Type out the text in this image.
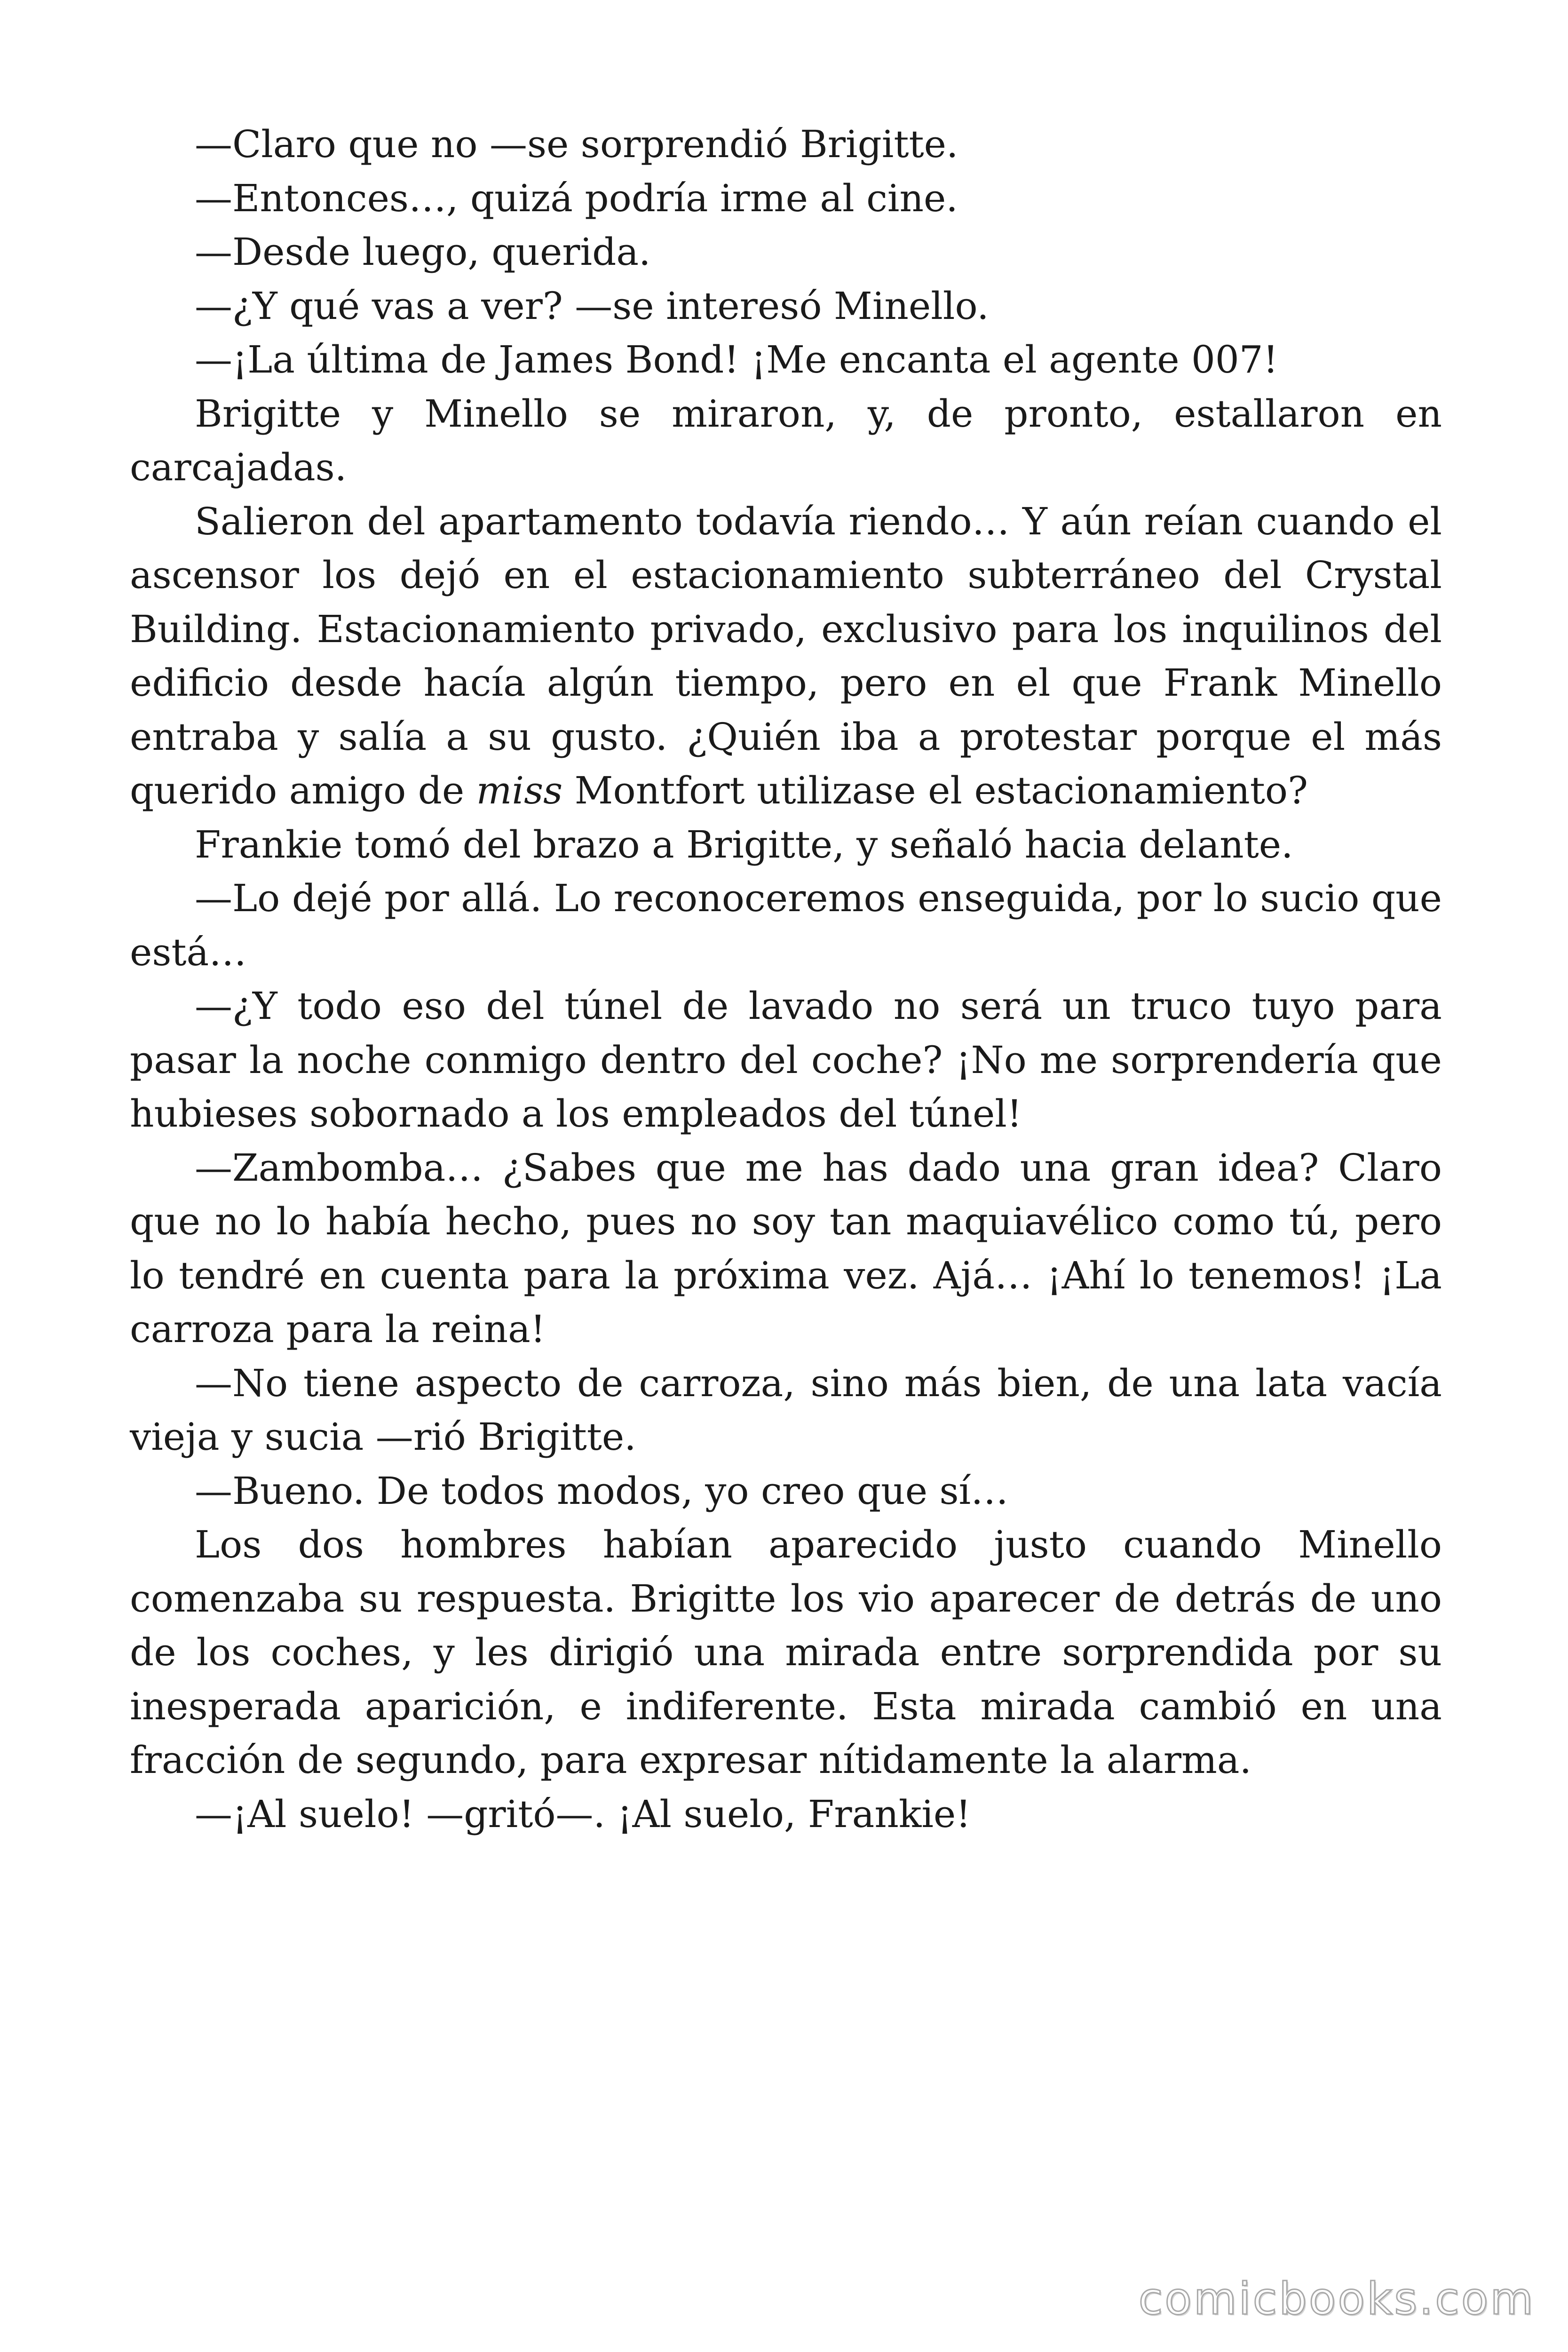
—Claro que no —se sorprendió Brigitte.

—Entonces…, quizá podría irme al cine.

—Desde luego, querida.

—¿Y qué vas a ver? —se interesó Minello.

—¡La última de James Bond! ¡Me encanta el agente 007!

Brigitte y Minello se miraron, y, de pronto, estallaron en carcajadas.

Salieron del apartamento todavía riendo… Y aún reían cuando el ascensor los dejó en el estacionamiento subterráneo del Crystal Building. Estacionamiento privado, exclusivo para los inquilinos del edificio desde hacía algún tiempo, pero en el que Frank Minello entraba y salía a su gusto. ¿Quién iba a protestar porque el más querido amigo de miss Montfort utilizase el estacionamiento?

Frankie tomó del brazo a Brigitte, y señaló hacia delante.

—Lo dejé por allá. Lo reconoceremos enseguida, por lo sucio que está…

—¿Y todo eso del túnel de lavado no será un truco tuyo para pasar la noche conmigo dentro del coche? ¡No me sorprendería que hubieses sobornado a los empleados del túnel!

—Zambomba… ¿Sabes que me has dado una gran idea? Claro que no lo había hecho, pues no soy tan maquiavélico como tú, pero lo tendré en cuenta para la próxima vez. Ajá… ¡Ahí lo tenemos! ¡La carroza para la reina!

—No tiene aspecto de carroza, sino más bien, de una lata vacía vieja y sucia —rió Brigitte.

—Bueno. De todos modos, yo creo que sí…

Los dos hombres habían aparecido justo cuando Minello comenzaba su respuesta. Brigitte los vio aparecer de detrás de uno de los coches, y les dirigió una mirada entre sorprendida por su inesperada aparición, e indiferente. Esta mirada cambió en una fracción de segundo, para expresar nítidamente la alarma.

—¡Al suelo! —gritó—. ¡Al suelo, Frankie!

comicbooks.com
